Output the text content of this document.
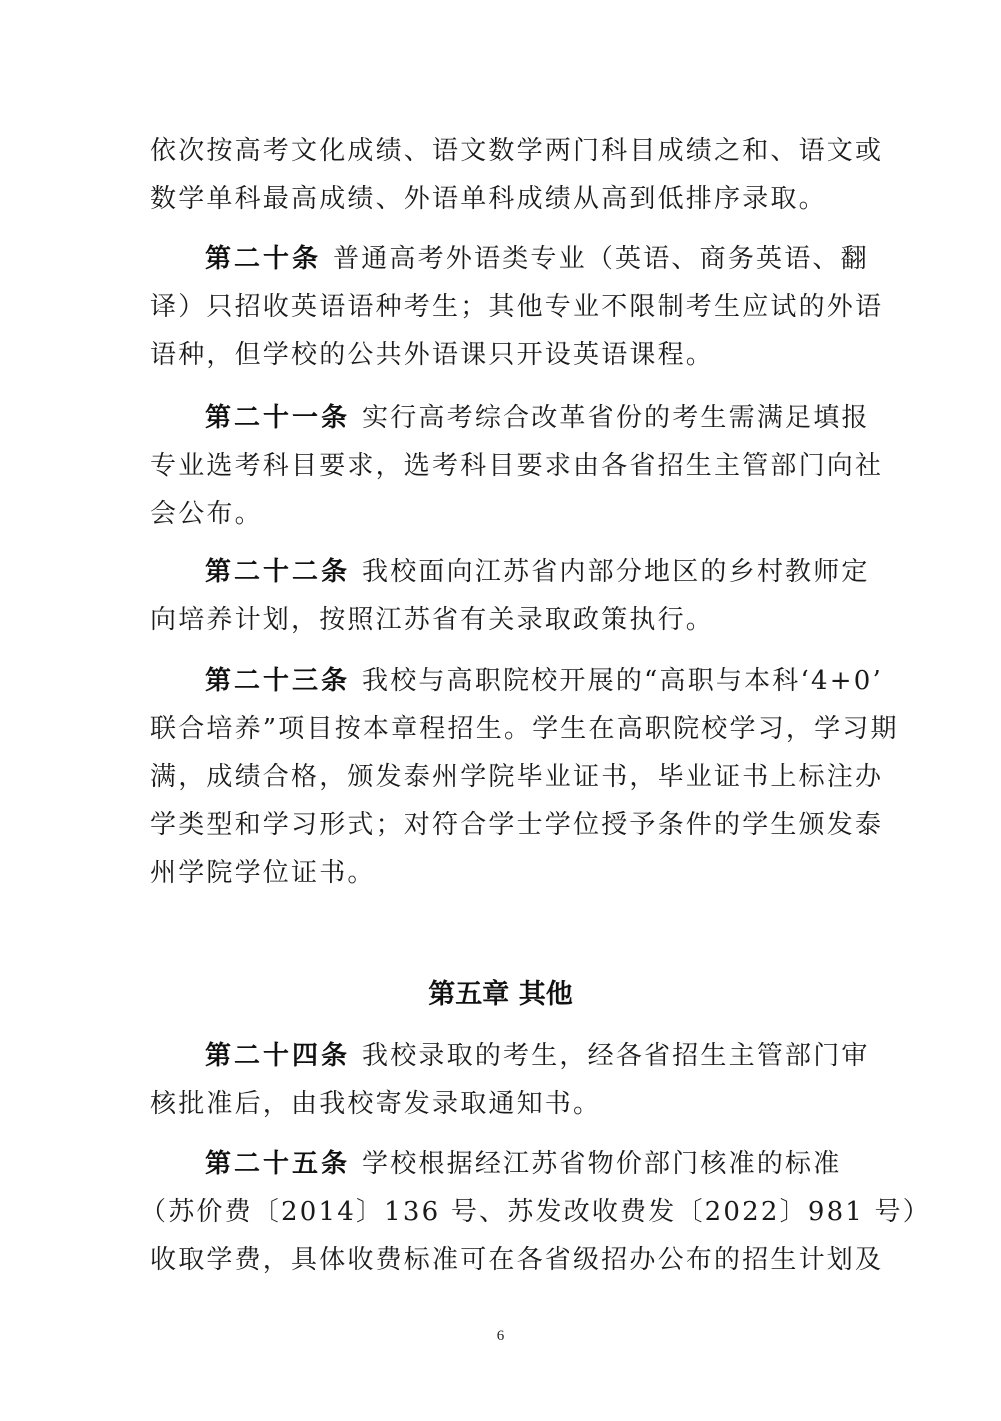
依次按高考文化成绩、语文数学两门科目成绩之和、语文或
数学单科最高成绩、外语单科成绩从高到低排序录取。
第二十条 普通高考外语类专业（英语、商务英语、翻
译）只招收英语语种考生；其他专业不限制考生应试的外语
语种，但学校的公共外语课只开设英语课程。
第二十一条 实行高考综合改革省份的考生需满足填报
专业选考科目要求，选考科目要求由各省招生主管部门向社
会公布。
第二十二条 我校面向江苏省内部分地区的乡村教师定
向培养计划，按照江苏省有关录取政策执行。
第二十三条 我校与高职院校开展的“高职与本科‘4+0’
联合培养”项目按本章程招生。学生在高职院校学习，学习期
满，成绩合格，颁发泰州学院毕业证书，毕业证书上标注办
学类型和学习形式；对符合学士学位授予条件的学生颁发泰
州学院学位证书。
第五章 其他
第二十四条 我校录取的考生，经各省招生主管部门审
核批准后，由我校寄发录取通知书。
第二十五条 学校根据经江苏省物价部门核准的标准
（苏价费〔2014〕136 号、苏发改收费发〔2022〕981 号）
收取学费，具体收费标准可在各省级招办公布的招生计划及
6
